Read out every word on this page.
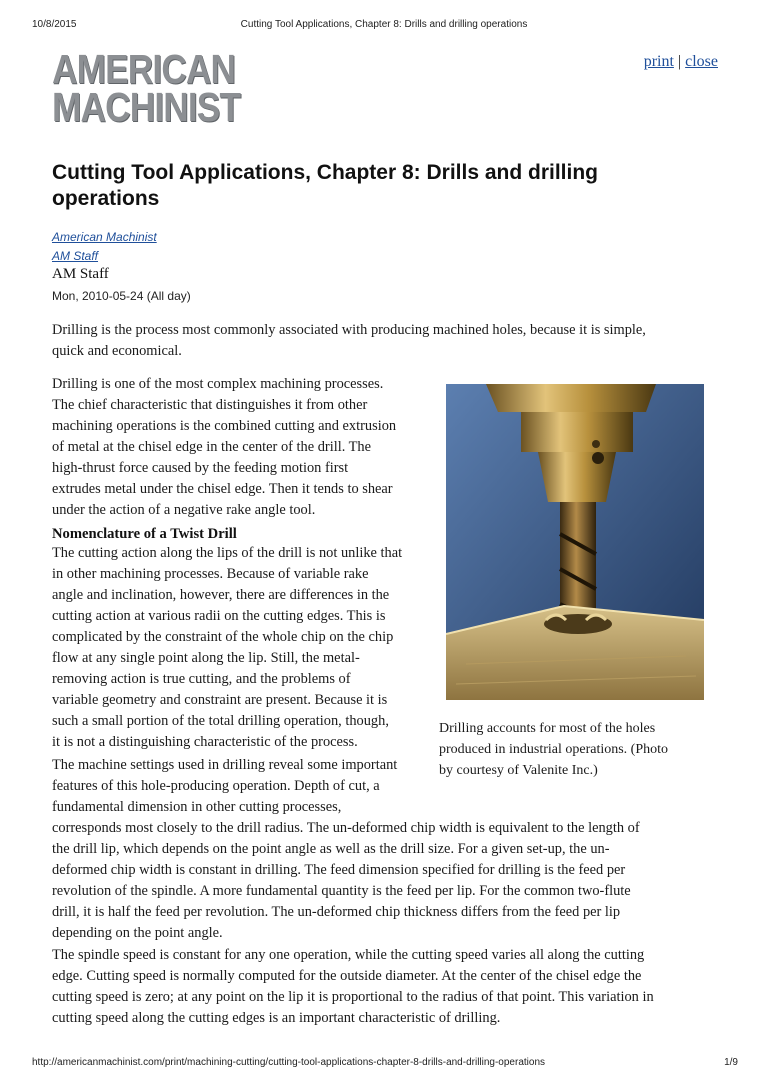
10/8/2015	Cutting Tool Applications, Chapter 8: Drills and drilling operations
AMERICAN
MACHINIST
print | close
Cutting Tool Applications, Chapter 8: Drills and drilling
operations
American Machinist
AM Staff
AM Staff
Mon, 2010-05-24 (All day)
Drilling is the process most commonly associated with producing machined holes, because it is simple,
quick and economical.
Drilling is one of the most complex machining processes.
The chief characteristic that distinguishes it from other
machining operations is the combined cutting and extrusion
of metal at the chisel edge in the center of the drill. The
high-thrust force caused by the feeding motion first
extrudes metal under the chisel edge. Then it tends to shear
under the action of a negative rake angle tool.
Nomenclature of a Twist Drill
The cutting action along the lips of the drill is not unlike that
in other machining processes. Because of variable rake
angle and inclination, however, there are differences in the
cutting action at various radii on the cutting edges. This is
complicated by the constraint of the whole chip on the chip
flow at any single point along the lip. Still, the metal-
removing action is true cutting, and the problems of
variable geometry and constraint are present. Because it is
such a small portion of the total drilling operation, though,
it is not a distinguishing characteristic of the process.
The machine settings used in drilling reveal some important
features of this hole-producing operation. Depth of cut, a
fundamental dimension in other cutting processes,
corresponds most closely to the drill radius. The un-deformed chip width is equivalent to the length of
the drill lip, which depends on the point angle as well as the drill size. For a given set-up, the un-
deformed chip width is constant in drilling. The feed dimension specified for drilling is the feed per
revolution of the spindle. A more fundamental quantity is the feed per lip. For the common two-flute
drill, it is half the feed per revolution. The un-deformed chip thickness differs from the feed per lip
depending on the point angle.
The spindle speed is constant for any one operation, while the cutting speed varies all along the cutting
edge. Cutting speed is normally computed for the outside diameter. At the center of the chisel edge the
cutting speed is zero; at any point on the lip it is proportional to the radius of that point. This variation in
cutting speed along the cutting edges is an important characteristic of drilling.
Drilling accounts for most of the holes
produced in industrial operations. (Photo
by courtesy of Valenite Inc.)
http://americanmachinist.com/print/machining-cutting/cutting-tool-applications-chapter-8-drills-and-drilling-operations	1/9
